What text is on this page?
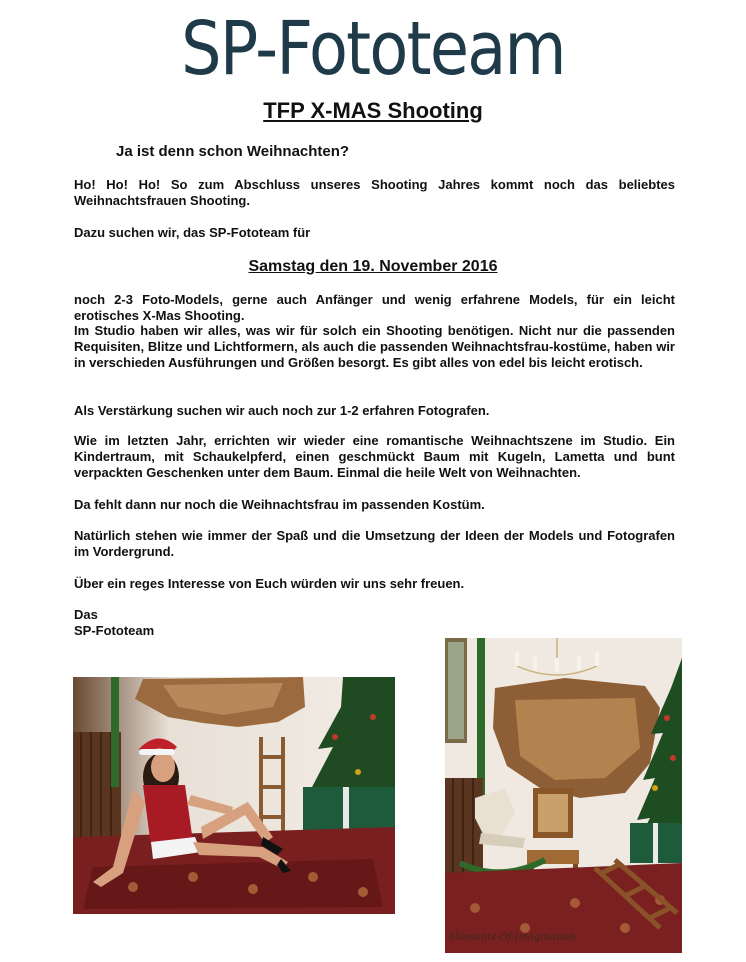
SP-Fototeam
TFP X-MAS Shooting
Ja ist denn schon Weihnachten?

Ho! Ho! Ho! So zum Abschluss unseres Shooting Jahres kommt noch das beliebtes Weihnachtsfrauen Shooting.

Dazu suchen wir, das SP-Fototeam für

Samstag den 19. November 2016

noch 2-3 Foto-Models, gerne auch Anfänger und wenig erfahrene Models, für ein leicht erotisches X-Mas Shooting.

Im Studio haben wir alles, was wir für solch ein Shooting benötigen. Nicht nur die passenden Requisiten, Blitze und Lichtformern, als auch die passenden Weihnachtsfrau-kostüme, haben wir in verschieden Ausführungen und Größen besorgt. Es gibt alles von edel bis leicht erotisch.

Als Verstärkung suchen wir auch noch zur 1-2 erfahren Fotografen.

Wie im letzten Jahr, errichten wir wieder eine romantische Weihnachtszene im Studio. Ein Kindertraum, mit Schaukelpferd, einen geschmückt Baum mit Kugeln, Lametta und bunt verpackten Geschenken unter dem Baum. Einmal die heile Welt von Weihnachten.

Da fehlt dann nur noch die Weihnachtsfrau im passenden Kostüm.

Natürlich stehen wie immer der Spaß und die Umsetzung der Ideen der Models und Fotografen im Vordergrund.

Über ein reges Interesse von Euch würden wir uns sehr freuen.

Das

SP-Fototeam

Moments-Of-Imagination
